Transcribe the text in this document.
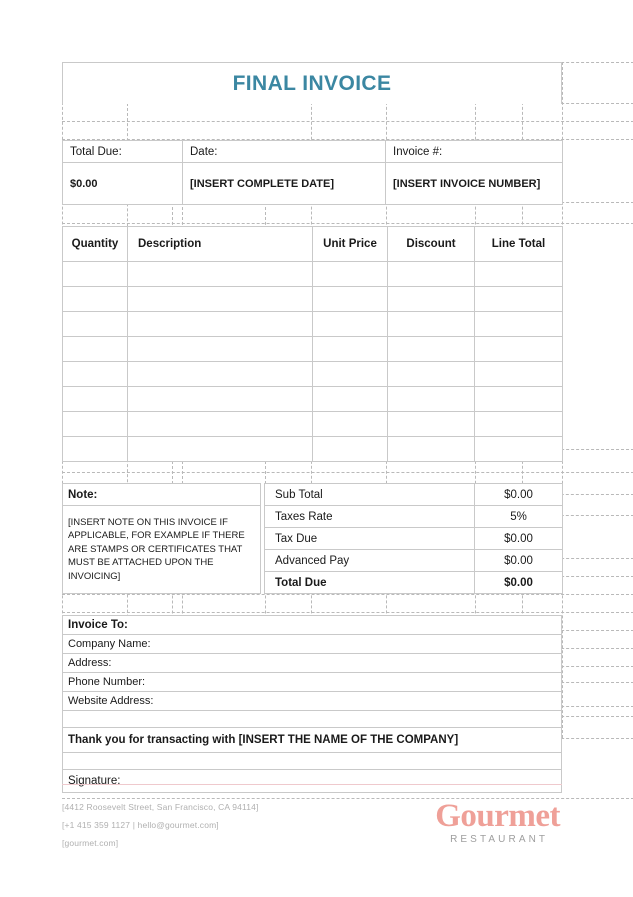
FINAL INVOICE
Total Due:	Date:	Invoice #:
$0.00	[INSERT COMPLETE DATE]	[INSERT INVOICE NUMBER]
Quantity	Description	Unit Price	Discount	Line Total

Note:		Sub Total	$0.00
[INSERT NOTE ON THIS INVOICE IF APPLICABLE, FOR EXAMPLE IF THERE ARE STAMPS OR CERTIFICATES THAT MUST BE ATTACHED UPON THE INVOICING]		Taxes Rate	5%
		Tax Due	$0.00
		Advanced Pay	$0.00
		Total Due	$0.00
Invoice To:
Company Name:
Address:
Phone Number:
Website Address:

Thank you for transacting with [INSERT THE NAME OF THE COMPANY]

Signature:
[4412 Roosevelt Street, San Francisco, CA 94114]
[+1 415 359 1127 | hello@gourmet.com]
[gourmet.com]
Gourmet
RESTAURANT
